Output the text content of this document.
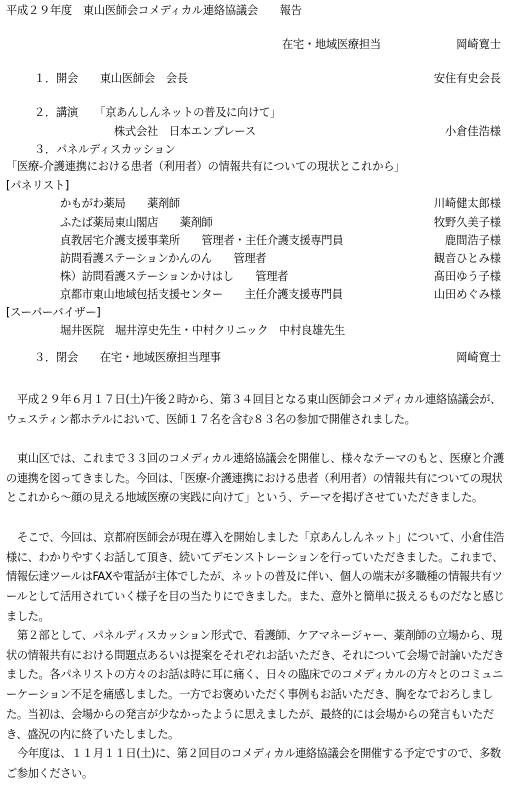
平成２９年度　東山医師会コメディカル連絡協議会　　報告
在宅・地域医療担当	岡崎寛士
１．開会　　東山医師会　会長	安住有史会長
２．講演　　「京あんしんネットの普及に向けて」
株式会社　日本エンブレース	小倉佳浩様
３．パネルディスカッション
「医療‐介護連携における患者（利用者）の情報共有についての現状とこれから」
[パネリスト]
かもがわ薬局　　薬剤師	川崎健太郎様
ふたば薬局東山閣店　　薬剤師	牧野久美子様
貞教居宅介護支援事業所　　管理者・主任介護支援専門員	鹿間浩子様
訪問看護ステーションかんのん　　管理者	観音ひとみ様
株）訪問看護ステーションかけはし　　管理者	髙田ゆう子様
京都市東山地域包括支援センター　　主任介護支援専門員	山田めぐみ様
[スーパーバイザー]
堀井医院　堀井淳史先生・中村クリニック　中村良雄先生
３．閉会　　在宅・地域医療担当理事	岡崎寛士
平成２９年６月１７日(土)午後２時から、第３４回目となる東山医師会コメディカル連絡協議会が、ウェスティン都ホテルにおいて、医師１７名を含む８３名の参加で開催されました。
東山区では、これまで３３回のコメディカル連絡協議会を開催し、様々なテーマのもと、医療と介護の連携を図ってきました。今回は、「医療‐介護連携における患者（利用者）の情報共有についての現状とこれから～顔の見える地域医療の実践に向けて」という、テーマを掲げさせていただきました。
そこで、今回は、京都府医師会が現在導入を開始しました「京あんしんネット」について、小倉佳浩様に、わかりやすくお話して頂き、続いてデモンストレーションを行っていただきました。これまで、情報伝達ツールはFAXや電話が主体でしたが、ネットの普及に伴い、個人の端末が多職種の情報共有ツールとして活用されていく様子を目の当たりにできました。また、意外と簡単に扱えるものだなと感じました。
第２部として、パネルディスカッション形式で、看護師、ケアマネージャー、薬剤師の立場から、現状の情報共有における問題点あるいは提案をそれぞれお話いただき、それについて会場で討論いただきました。各パネリストの方々のお話は時に耳に痛く、日々の臨床でのコメディカルの方々とのコミュニーケーション不足を痛感しました。一方でお褒めいただく事例もお話いただき、胸をなでおろしました。当初は、会場からの発言が少なかったように思えましたが、最終的には会場からの発言もいただき、盛況の内に終了いたしました。
今年度は、１１月１１日(土)に、第２回目のコメディカル連絡協議会を開催する予定ですので、多数ご参加ください。
